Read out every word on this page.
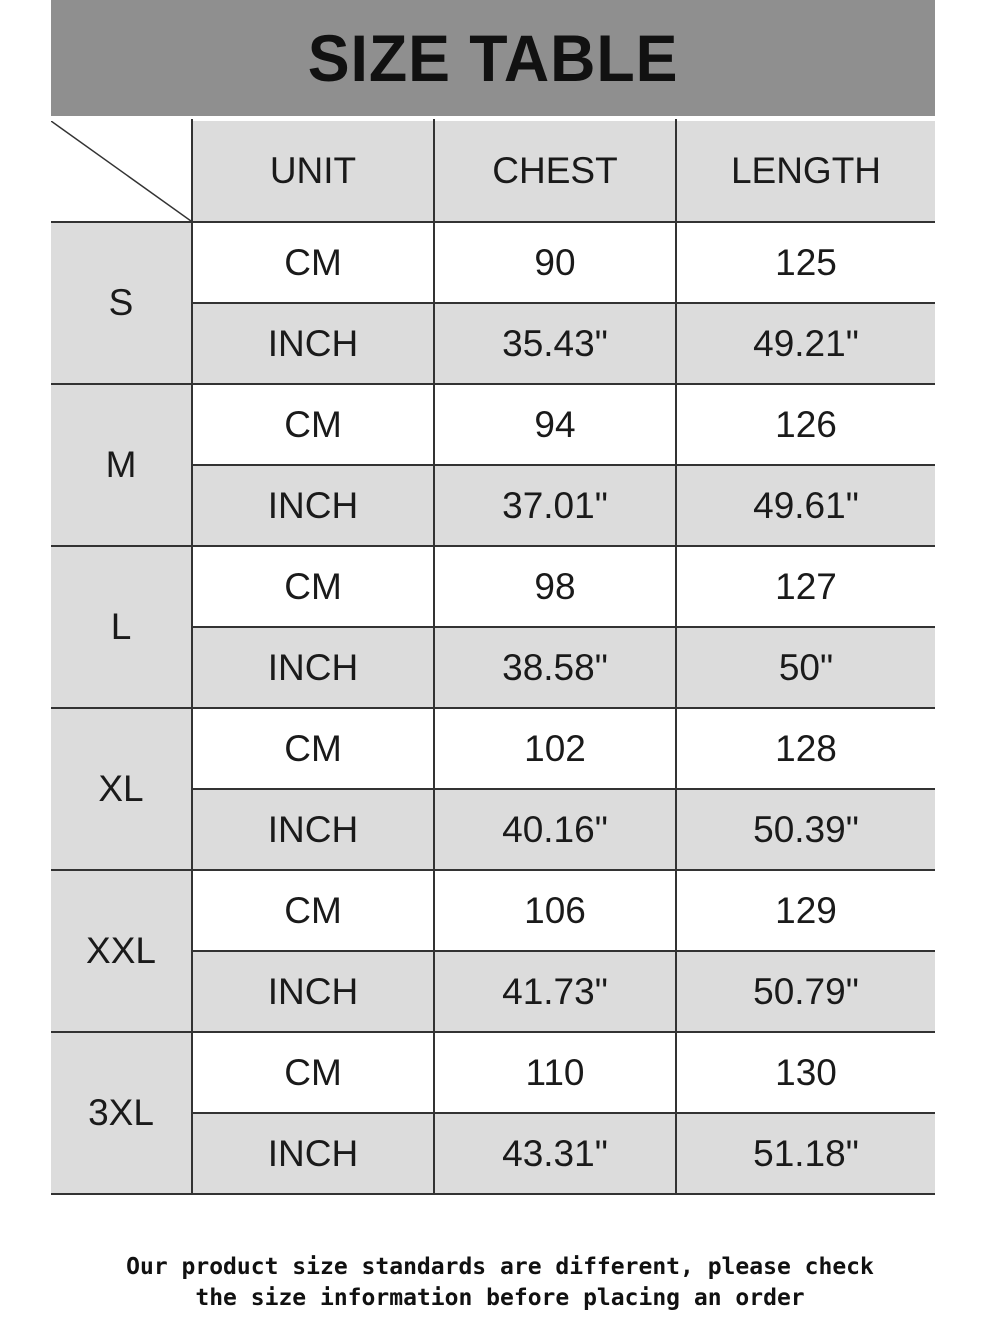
SIZE TABLE
	UNIT	CHEST	LENGTH
S	CM	90	125
	INCH	35.43"	49.21"
M	CM	94	126
	INCH	37.01"	49.61"
L	CM	98	127
	INCH	38.58"	50"
XL	CM	102	128
	INCH	40.16"	50.39"
XXL	CM	106	129
	INCH	41.73"	50.79"
3XL	CM	110	130
	INCH	43.31"	51.18"
Our product size standards are different, please check
the size information before placing an order
